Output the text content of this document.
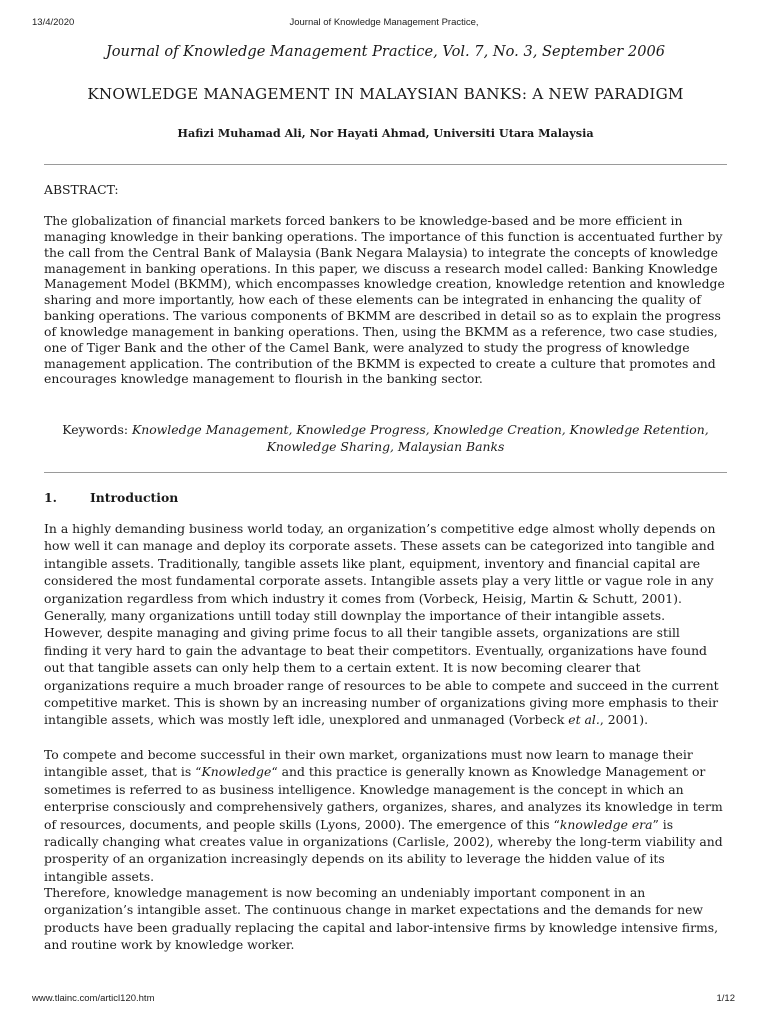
13/4/2020	Journal of Knowledge Management Practice,
Journal of Knowledge Management Practice, Vol. 7, No. 3, September 2006
KNOWLEDGE MANAGEMENT IN MALAYSIAN BANKS: A NEW PARADIGM
Hafizi Muhamad Ali, Nor Hayati Ahmad, Universiti Utara Malaysia
ABSTRACT:
The globalization of financial markets forced bankers to be knowledge-based and be more efficient in managing knowledge in their banking operations. The importance of this function is accentuated further by the call from the Central Bank of Malaysia (Bank Negara Malaysia) to integrate the concepts of knowledge management in banking operations. In this paper, we discuss a research model called: Banking Knowledge Management Model (BKMM), which encompasses knowledge creation, knowledge retention and knowledge sharing and more importantly, how each of these elements can be integrated in enhancing the quality of banking operations. The various components of BKMM are described in detail so as to explain the progress of knowledge management in banking operations. Then, using the BKMM as a reference, two case studies, one of Tiger Bank and the other of the Camel Bank, were analyzed to study the progress of knowledge management application. The contribution of the BKMM is expected to create a culture that promotes and encourages knowledge management to flourish in the banking sector.
Keywords: Knowledge Management, Knowledge Progress, Knowledge Creation, Knowledge Retention,
Knowledge Sharing, Malaysian Banks
1.	Introduction

In a highly demanding business world today, an organization’s competitive edge almost wholly depends on how well it can manage and deploy its corporate assets. These assets can be categorized into tangible and intangible assets. Traditionally, tangible assets like plant, equipment, inventory and financial capital are considered the most fundamental corporate assets. Intangible assets play a very little or vague role in any organization regardless from which industry it comes from (Vorbeck, Heisig, Martin & Schutt, 2001). Generally, many organizations untill today still downplay the importance of their intangible assets. However, despite managing and giving prime focus to all their tangible assets, organizations are still finding it very hard to gain the advantage to beat their competitors. Eventually, organizations have found out that tangible assets can only help them to a certain extent. It is now becoming clearer that organizations require a much broader range of resources to be able to compete and succeed in the current competitive market. This is shown by an increasing number of organizations giving more emphasis to their intangible assets, which was mostly left idle, unexplored and unmanaged (Vorbeck et al., 2001).

To compete and become successful in their own market, organizations must now learn to manage their intangible asset, that is “Knowledge“ and this practice is generally known as Knowledge Management or sometimes is referred to as business intelligence. Knowledge management is the concept in which an enterprise consciously and comprehensively gathers, organizes, shares, and analyzes its knowledge in term of resources, documents, and people skills (Lyons, 2000). The emergence of this “knowledge era” is radically changing what creates value in organizations (Carlisle, 2002), whereby the long-term viability and prosperity of an organization increasingly depends on its ability to leverage the hidden value of its intangible assets.

Therefore, knowledge management is now becoming an undeniably important component in an organization’s intangible asset. The continuous change in market expectations and the demands for new products have been gradually replacing the capital and labor-intensive firms by knowledge intensive firms, and routine work by knowledge worker.

www.tlainc.com/articl120.htm	1/12
